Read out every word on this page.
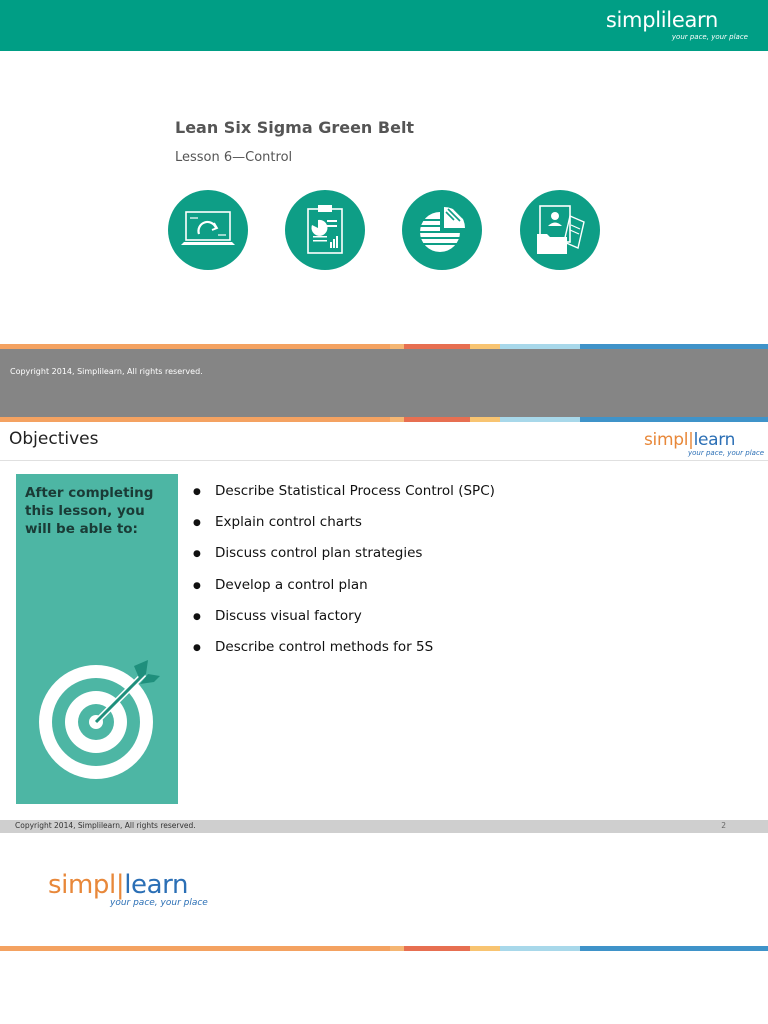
simplilearn
your pace, your place
Lean Six Sigma Green Belt
Lesson 6—Control
Copyright 2014, Simplilearn, All rights reserved.
Objectives	simpl|learn
your pace, your place
After completing this lesson, you will be able to:
● Describe Statistical Process Control (SPC)
● Explain control charts
● Discuss control plan strategies
● Develop a control plan
● Discuss visual factory
● Describe control methods for 5S
Copyright 2014, Simplilearn, All rights reserved.	2
simpl|learn
your pace, your place
